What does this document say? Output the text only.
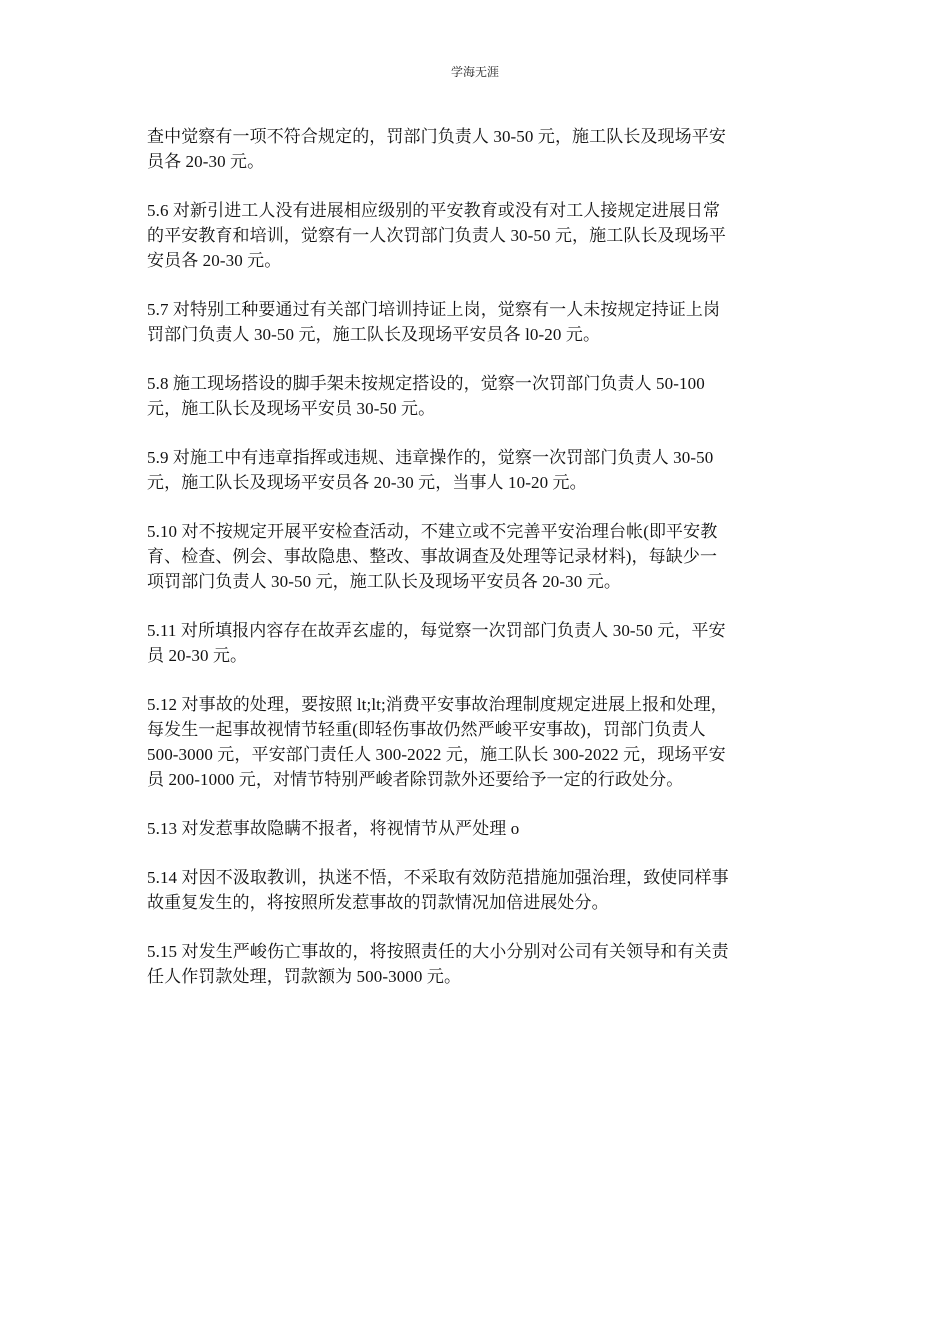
学海无涯

查中觉察有一项不符合规定的，罚部门负责人 30-50 元，施工队长及现场平安
员各 20-30 元。

5.6 对新引进工人没有进展相应级别的平安教育或没有对工人接规定进展日常
的平安教育和培训，觉察有一人次罚部门负责人 30-50 元，施工队长及现场平
安员各 20-30 元。

5.7 对特别工种要通过有关部门培训持证上岗，觉察有一人未按规定持证上岗
罚部门负责人 30-50 元，施工队长及现场平安员各 l0-20 元。

5.8 施工现场搭设的脚手架未按规定搭设的，觉察一次罚部门负责人 50-100
元，施工队长及现场平安员 30-50 元。

5.9 对施工中有违章指挥或违规、违章操作的，觉察一次罚部门负责人 30-50
元，施工队长及现场平安员各 20-30 元，当事人 10-20 元。

5.10 对不按规定开展平安检查活动，不建立或不完善平安治理台帐(即平安教
育、检查、例会、事故隐患、整改、事故调查及处理等记录材料)，每缺少一
项罚部门负责人 30-50 元，施工队长及现场平安员各 20-30 元。

5.11 对所填报内容存在故弄玄虚的，每觉察一次罚部门负责人 30-50 元，平安
员 20-30 元。

5.12 对事故的处理，要按照 lt;lt;消费平安事故治理制度规定进展上报和处理，
每发生一起事故视情节轻重(即轻伤事故仍然严峻平安事故)，罚部门负责人
500-3000 元，平安部门责任人 300-2022 元，施工队长 300-2022 元，现场平安
员 200-1000 元，对情节特别严峻者除罚款外还要给予一定的行政处分。

5.13 对发惹事故隐瞒不报者，将视情节从严处理 o

5.14 对因不汲取教训，执迷不悟，不采取有效防范措施加强治理，致使同样事
故重复发生的，将按照所发惹事故的罚款情况加倍进展处分。

5.15 对发生严峻伤亡事故的，将按照责任的大小分别对公司有关领导和有关责
任人作罚款处理，罚款额为 500-3000 元。
